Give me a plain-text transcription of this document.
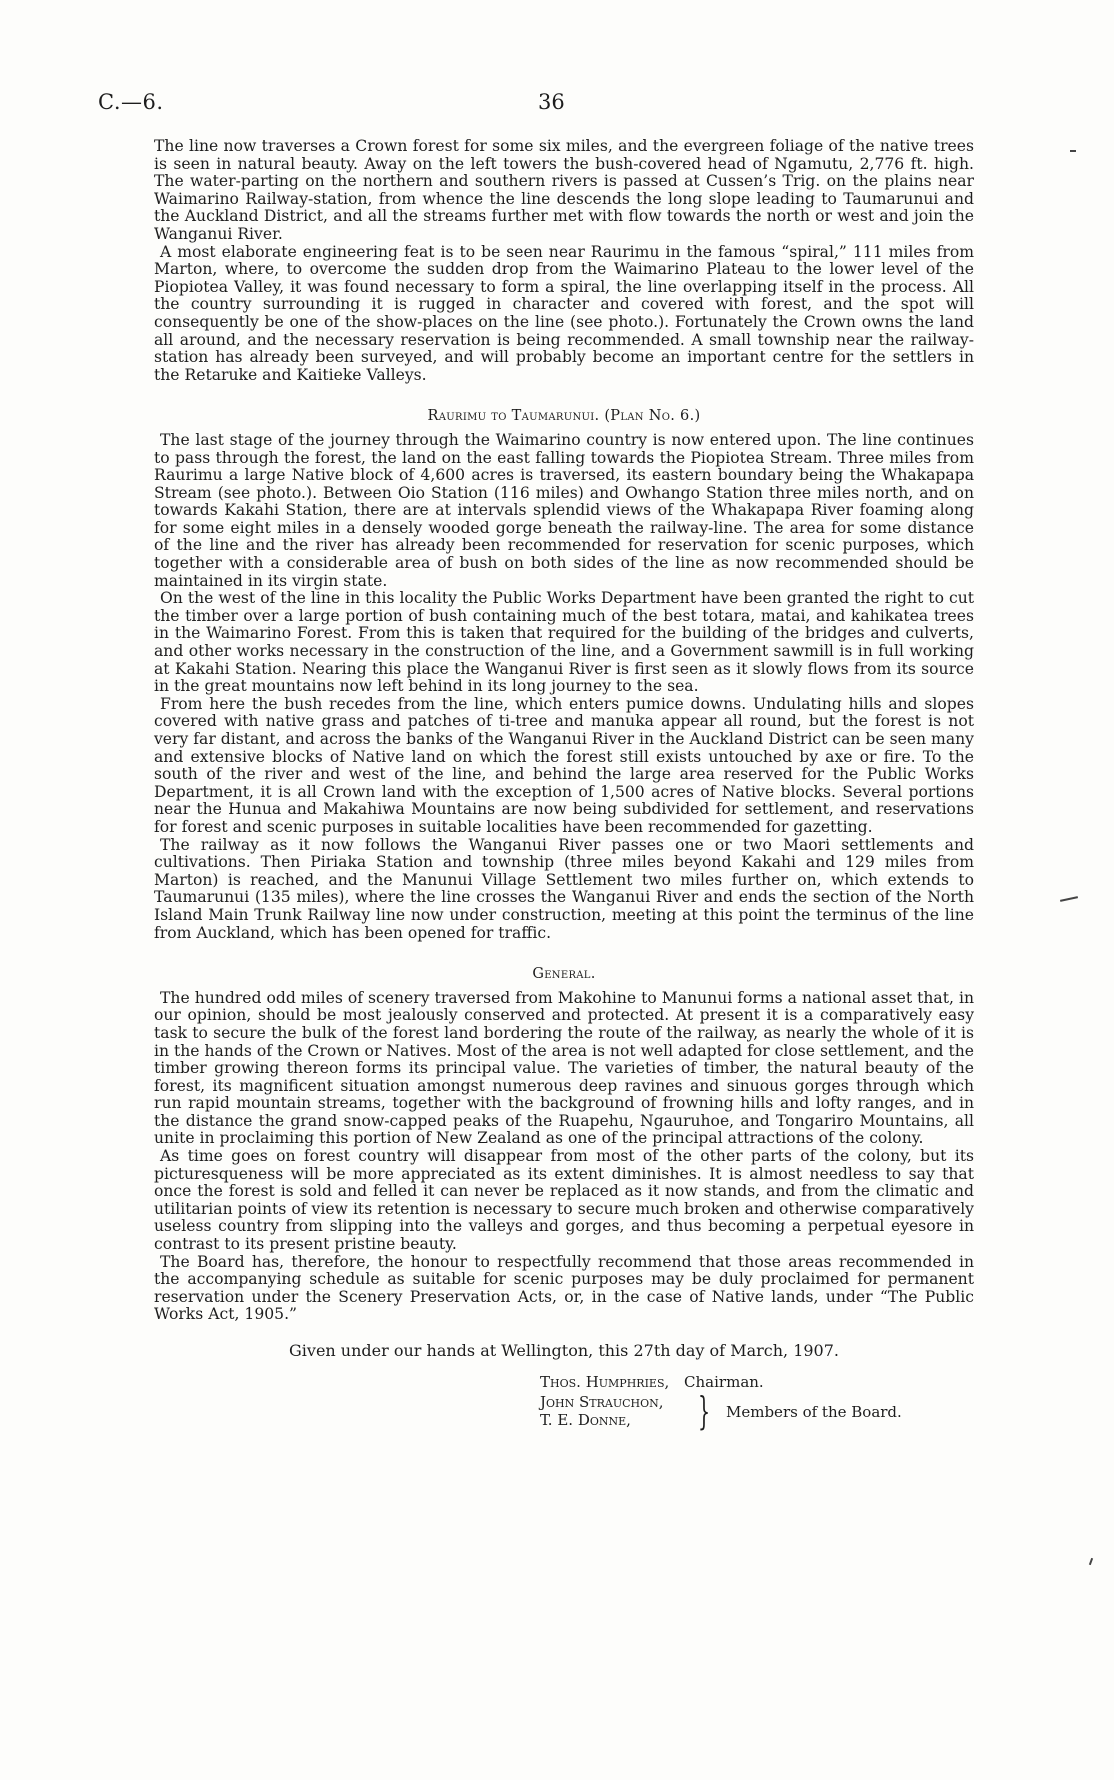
C.—6.	36

The line now traverses a Crown forest for some six miles, and the evergreen foliage of the native trees is seen in natural beauty. Away on the left towers the bush-covered head of Ngamutu, 2,776 ft. high. The water-parting on the northern and southern rivers is passed at Cussen’s Trig. on the plains near Waimarino Railway-station, from whence the line descends the long slope leading to Taumarunui and the Auckland District, and all the streams further met with flow towards the north or west and join the Wanganui River.

A most elaborate engineering feat is to be seen near Raurimu in the famous “spiral,” 111 miles from Marton, where, to overcome the sudden drop from the Waimarino Plateau to the lower level of the Piopiotea Valley, it was found necessary to form a spiral, the line overlapping itself in the process. All the country surrounding it is rugged in character and covered with forest, and the spot will consequently be one of the show-places on the line (see photo.). Fortunately the Crown owns the land all around, and the necessary reservation is being recommended. A small township near the railway-station has already been surveyed, and will probably become an important centre for the settlers in the Retaruke and Kaitieke Valleys.

Raurimu to Taumarunui. (Plan No. 6.)

The last stage of the journey through the Waimarino country is now entered upon. The line continues to pass through the forest, the land on the east falling towards the Piopiotea Stream. Three miles from Raurimu a large Native block of 4,600 acres is traversed, its eastern boundary being the Whakapapa Stream (see photo.). Between Oio Station (116 miles) and Owhango Station three miles north, and on towards Kakahi Station, there are at intervals splendid views of the Whakapapa River foaming along for some eight miles in a densely wooded gorge beneath the railway-line. The area for some distance of the line and the river has already been recommended for reservation for scenic purposes, which together with a considerable area of bush on both sides of the line as now recommended should be maintained in its virgin state.

On the west of the line in this locality the Public Works Department have been granted the right to cut the timber over a large portion of bush containing much of the best totara, matai, and kahikatea trees in the Waimarino Forest. From this is taken that required for the building of the bridges and culverts, and other works necessary in the construction of the line, and a Government sawmill is in full working at Kakahi Station. Nearing this place the Wanganui River is first seen as it slowly flows from its source in the great mountains now left behind in its long journey to the sea.

From here the bush recedes from the line, which enters pumice downs. Undulating hills and slopes covered with native grass and patches of ti-tree and manuka appear all round, but the forest is not very far distant, and across the banks of the Wanganui River in the Auckland District can be seen many and extensive blocks of Native land on which the forest still exists untouched by axe or fire. To the south of the river and west of the line, and behind the large area reserved for the Public Works Department, it is all Crown land with the exception of 1,500 acres of Native blocks. Several portions near the Hunua and Makahiwa Mountains are now being subdivided for settlement, and reservations for forest and scenic purposes in suitable localities have been recommended for gazetting.

The railway as it now follows the Wanganui River passes one or two Maori settlements and cultivations. Then Piriaka Station and township (three miles beyond Kakahi and 129 miles from Marton) is reached, and the Manunui Village Settlement two miles further on, which extends to Taumarunui (135 miles), where the line crosses the Wanganui River and ends the section of the North Island Main Trunk Railway line now under construction, meeting at this point the terminus of the line from Auckland, which has been opened for traffic.

General.

The hundred odd miles of scenery traversed from Makohine to Manunui forms a national asset that, in our opinion, should be most jealously conserved and protected. At present it is a comparatively easy task to secure the bulk of the forest land bordering the route of the railway, as nearly the whole of it is in the hands of the Crown or Natives. Most of the area is not well adapted for close settlement, and the timber growing thereon forms its principal value. The varieties of timber, the natural beauty of the forest, its magnificent situation amongst numerous deep ravines and sinuous gorges through which run rapid mountain streams, together with the background of frowning hills and lofty ranges, and in the distance the grand snow-capped peaks of the Ruapehu, Ngauruhoe, and Tongariro Mountains, all unite in proclaiming this portion of New Zealand as one of the principal attractions of the colony.

As time goes on forest country will disappear from most of the other parts of the colony, but its picturesqueness will be more appreciated as its extent diminishes. It is almost needless to say that once the forest is sold and felled it can never be replaced as it now stands, and from the climatic and utilitarian points of view its retention is necessary to secure much broken and otherwise comparatively useless country from slipping into the valleys and gorges, and thus becoming a perpetual eyesore in contrast to its present pristine beauty.

The Board has, therefore, the honour to respectfully recommend that those areas recommended in the accompanying schedule as suitable for scenic purposes may be duly proclaimed for permanent reservation under the Scenery Preservation Acts, or, in the case of Native lands, under “The Public Works Act, 1905.”

Given under our hands at Wellington, this 27th day of March, 1907.
Thos. Humphries, Chairman.
John Strauchon,
T. E. Donne, } Members of the Board.
